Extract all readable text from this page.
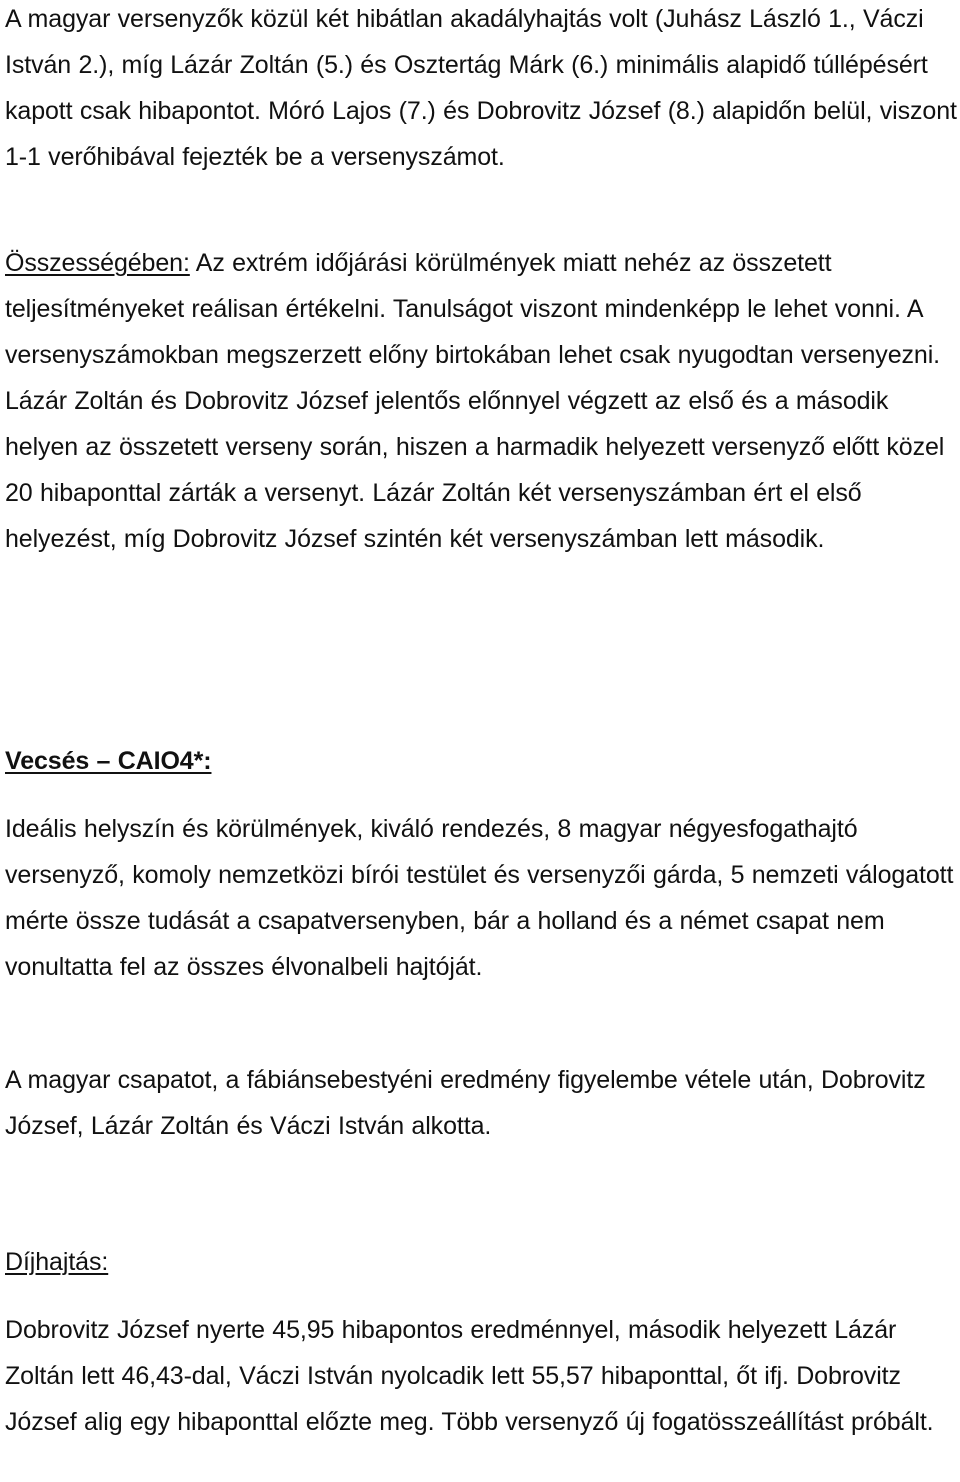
A magyar versenyzők közül két hibátlan akadályhajtás volt (Juhász László 1., Váczi István 2.), míg Lázár Zoltán (5.) és Osztertág Márk (6.) minimális alapidő túllépésért kapott csak hibapontot. Móró Lajos (7.) és Dobrovitz József (8.) alapidőn belül, viszont 1-1 verőhibával fejezték be a versenyszámot.

Összességében: Az extrém időjárási körülmények miatt nehéz az összetett teljesítményeket reálisan értékelni. Tanulságot viszont mindenképp le lehet vonni. A versenyszámokban megszerzett előny birtokában lehet csak nyugodtan versenyezni. Lázár Zoltán és Dobrovitz József jelentős előnnyel végzett az első és a második helyen az összetett verseny során, hiszen a harmadik helyezett versenyző előtt közel 20 hibaponttal zárták a versenyt. Lázár Zoltán két versenyszámban ért el első helyezést, míg Dobrovitz József szintén két versenyszámban lett második.

Vecsés – CAIO4*:

Ideális helyszín és körülmények, kiváló rendezés, 8 magyar négyesfogathajtó versenyző, komoly nemzetközi bírói testület és versenyzői gárda, 5 nemzeti válogatott mérte össze tudását a csapatversenyben, bár a holland és a német csapat nem vonultatta fel az összes élvonalbeli hajtóját.

A magyar csapatot, a fábiánsebestyéni eredmény figyelembe vétele után, Dobrovitz József, Lázár Zoltán és Váczi István alkotta.

Díjhajtás:

Dobrovitz József nyerte 45,95 hibapontos eredménnyel, második helyezett Lázár Zoltán lett 46,43-dal, Váczi István nyolcadik lett 55,57 hibaponttal, őt ifj. Dobrovitz József alig egy hibaponttal előzte meg. Több versenyző új fogatösszeállítást próbált.
